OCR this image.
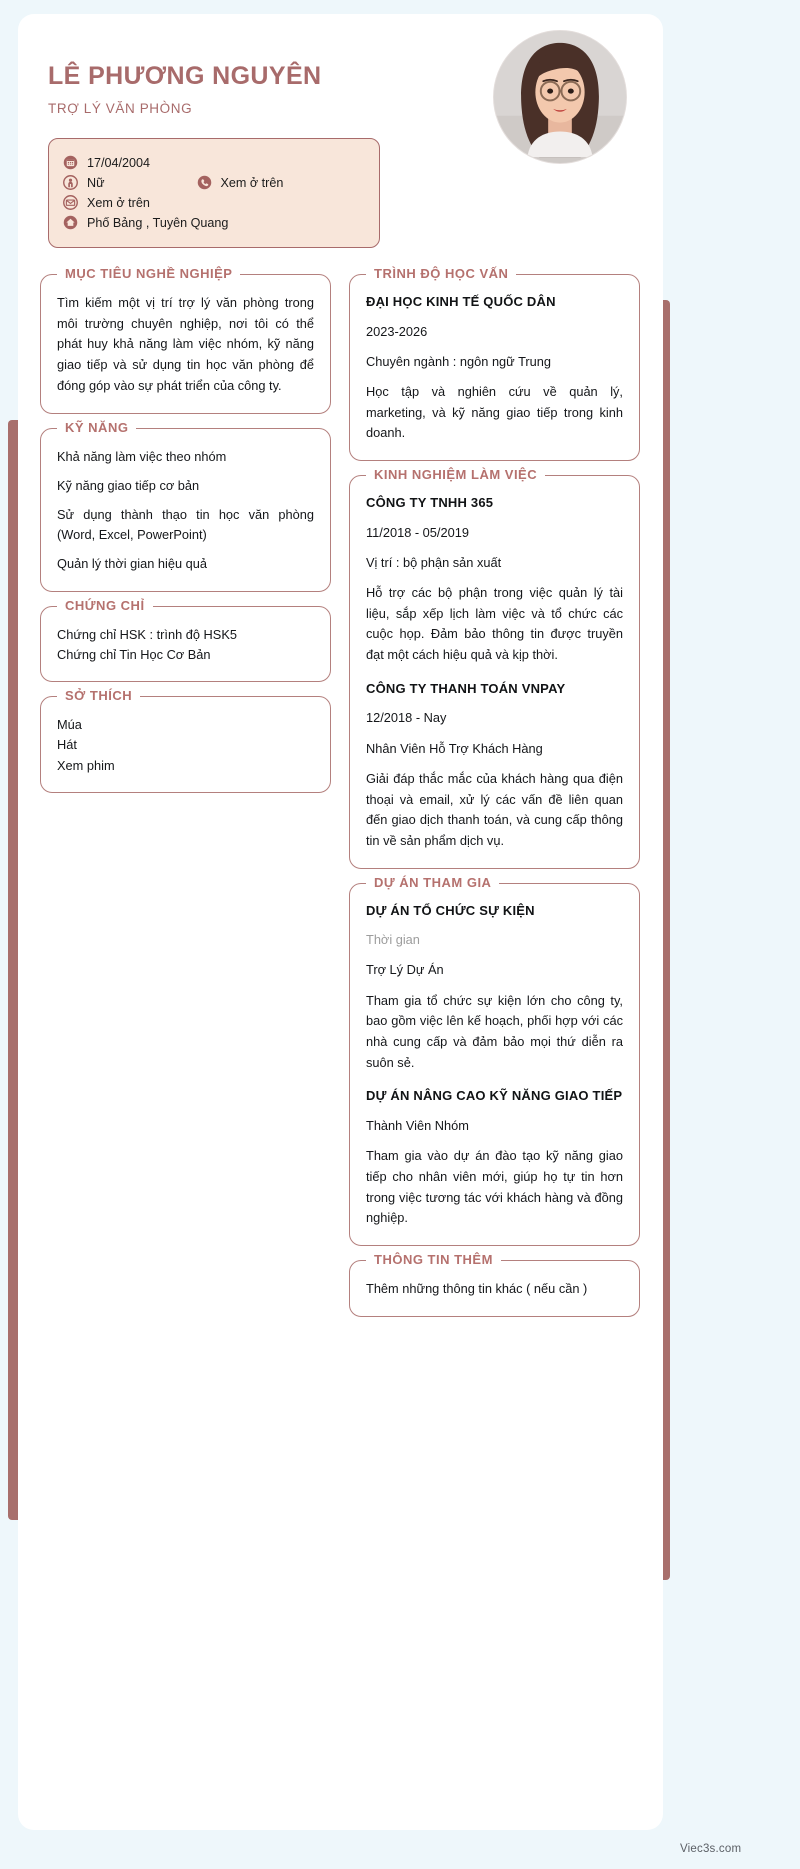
LÊ PHƯƠNG NGUYÊN
TRỢ LÝ VĂN PHÒNG
17/04/2004
Nữ	Xem ở trên
Xem ở trên
Phố Bảng , Tuyên Quang
MỤC TIÊU NGHỀ NGHIỆP
Tìm kiếm một vị trí trợ lý văn phòng trong môi trường chuyên nghiệp, nơi tôi có thể phát huy khả năng làm việc nhóm, kỹ năng giao tiếp và sử dụng tin học văn phòng để đóng góp vào sự phát triển của công ty.
KỸ NĂNG
Khả năng làm việc theo nhóm
Kỹ năng giao tiếp cơ bản
Sử dụng thành thạo tin học văn phòng (Word, Excel, PowerPoint)
Quản lý thời gian hiệu quả
CHỨNG CHỈ
Chứng chỉ HSK : trình độ HSK5
Chứng chỉ Tin Học Cơ Bản
SỞ THÍCH
Múa
Hát
Xem phim
TRÌNH ĐỘ HỌC VẤN
ĐẠI HỌC KINH TẾ QUỐC DÂN
2023-2026
Chuyên ngành : ngôn ngữ Trung
Học tập và nghiên cứu về quản lý, marketing, và kỹ năng giao tiếp trong kinh doanh.
KINH NGHIỆM LÀM VIỆC
CÔNG TY TNHH 365
11/2018 - 05/2019
Vị trí : bộ phận sản xuất
Hỗ trợ các bộ phận trong việc quản lý tài liệu, sắp xếp lịch làm việc và tổ chức các cuộc họp. Đảm bảo thông tin được truyền đạt một cách hiệu quả và kịp thời.
CÔNG TY THANH TOÁN VNPAY
12/2018 - Nay
Nhân Viên Hỗ Trợ Khách Hàng
Giải đáp thắc mắc của khách hàng qua điện thoại và email, xử lý các vấn đề liên quan đến giao dịch thanh toán, và cung cấp thông tin về sản phẩm dịch vụ.
DỰ ÁN THAM GIA
DỰ ÁN TỔ CHỨC SỰ KIỆN
Thời gian
Trợ Lý Dự Án
Tham gia tổ chức sự kiện lớn cho công ty, bao gồm việc lên kế hoạch, phối hợp với các nhà cung cấp và đảm bảo mọi thứ diễn ra suôn sẻ.
DỰ ÁN NÂNG CAO KỸ NĂNG GIAO TIẾP
Thành Viên Nhóm
Tham gia vào dự án đào tạo kỹ năng giao tiếp cho nhân viên mới, giúp họ tự tin hơn trong việc tương tác với khách hàng và đồng nghiệp.
THÔNG TIN THÊM
Thêm những thông tin khác ( nếu cần )
Viec3s.com
